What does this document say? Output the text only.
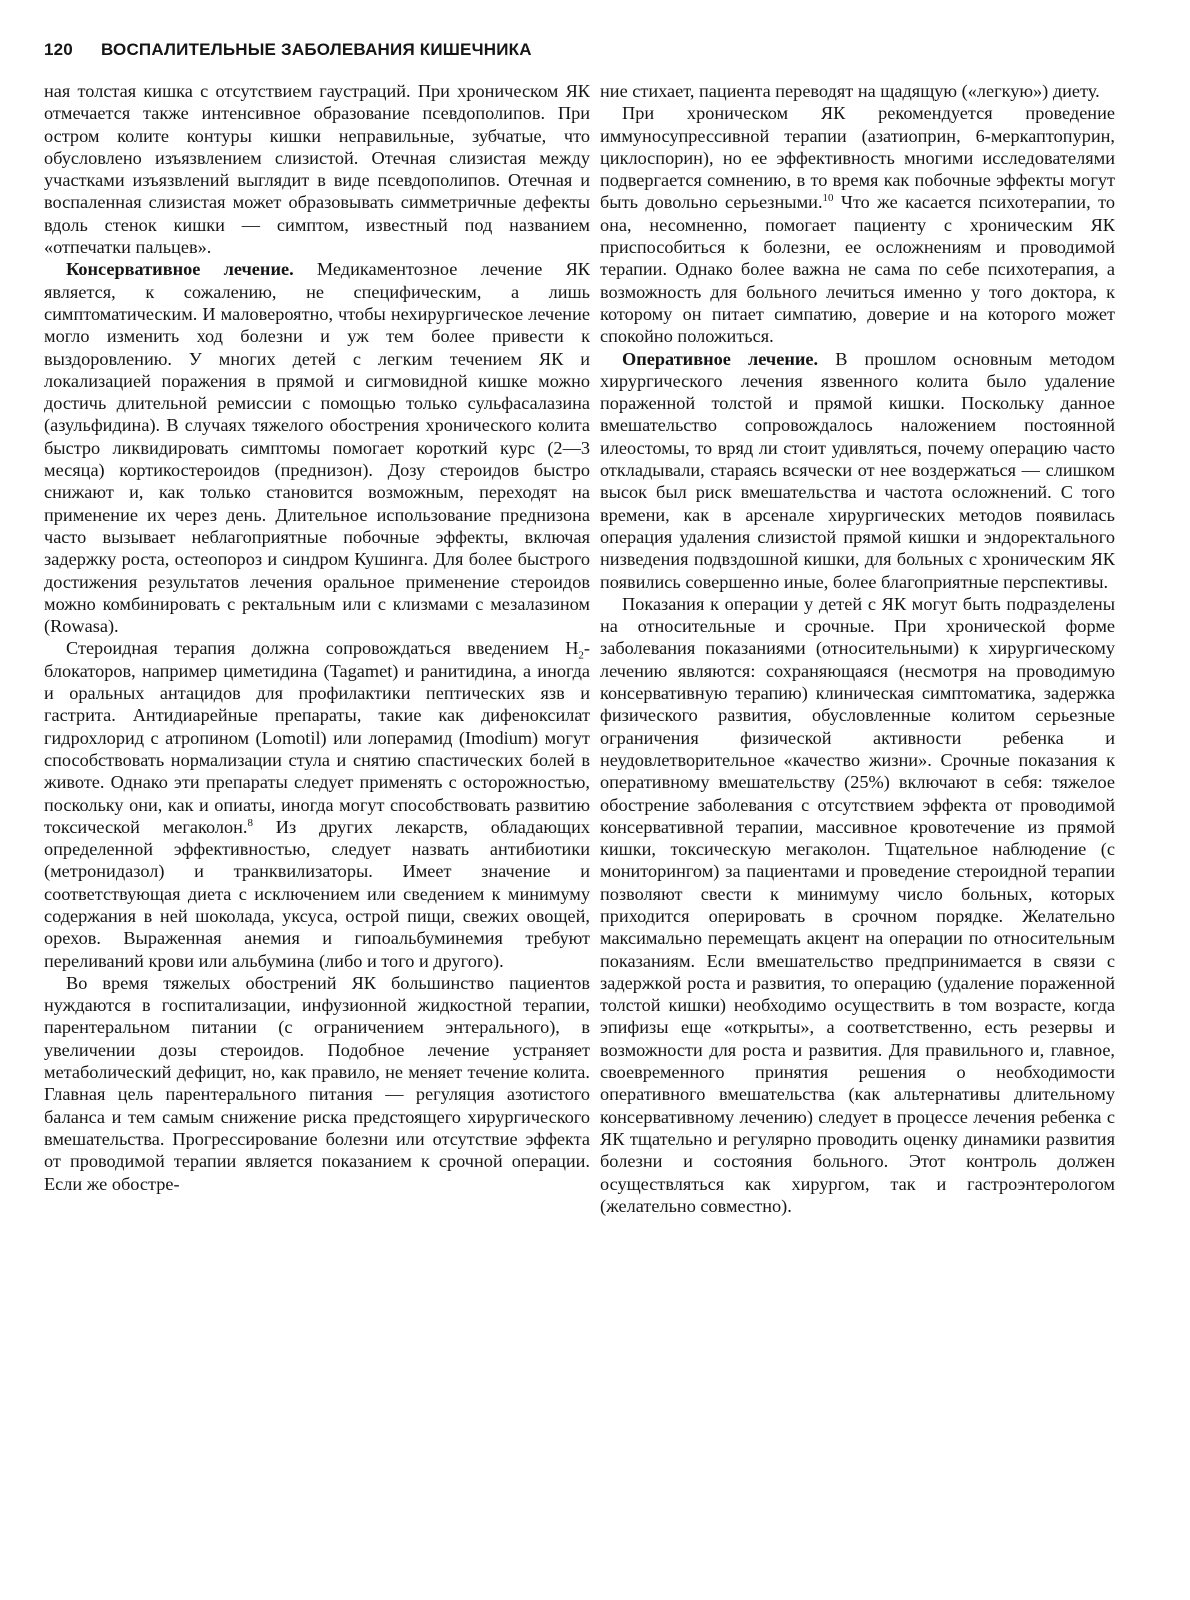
120 ВОСПАЛИТЕЛЬНЫЕ ЗАБОЛЕВАНИЯ КИШЕЧНИКА

ная толстая кишка с отсутствием гаустраций. При хроническом ЯК отмечается также интенсивное образование псевдополипов. При остром колите контуры кишки неправильные, зубчатые, что обусловлено изъязвлением слизистой. Отечная слизистая между участками изъязвлений выглядит в виде псевдополипов. Отечная и воспаленная слизистая может образовывать симметричные дефекты вдоль стенок кишки — симптом, известный под названием «отпечатки пальцев».

Консервативное лечение. Медикаментозное лечение ЯК является, к сожалению, не специфическим, а лишь симптоматическим. И маловероятно, чтобы нехирургическое лечение могло изменить ход болезни и уж тем более привести к выздоровлению. У многих детей с легким течением ЯК и локализацией поражения в прямой и сигмовидной кишке можно достичь длительной ремиссии с помощью только сульфасалазина (азульфидина). В случаях тяжелого обострения хронического колита быстро ликвидировать симптомы помогает короткий курс (2—3 месяца) кортикостероидов (преднизон). Дозу стероидов быстро снижают и, как только становится возможным, переходят на применение их через день. Длительное использование преднизона часто вызывает неблагоприятные побочные эффекты, включая задержку роста, остеопороз и синдром Кушинга. Для более быстрого достижения результатов лечения оральное применение стероидов можно комбинировать с ректальным или с клизмами с мезалазином (Rowasa).

Стероидная терапия должна сопровождаться введением $H_2$-блокаторов, например циметидина (Tagamet) и ранитидина, а иногда и оральных антацидов для профилактики пептических язв и гастрита. Антидиарейные препараты, такие как дифеноксилат гидрохлорид с атропином (Lomotil) или лоперамид (Imodium) могут способствовать нормализации стула и снятию спастических болей в животе. Однако эти препараты следует применять с осторожностью, поскольку они, как и опиаты, иногда могут способствовать развитию токсической мегаколон.$^8$ Из других лекарств, обладающих определенной эффективностью, следует назвать антибиотики (метронидазол) и транквилизаторы. Имеет значение и соответствующая диета с исключением или сведением к минимуму содержания в ней шоколада, уксуса, острой пищи, свежих овощей, орехов. Выраженная анемия и гипоальбуминемия требуют переливаний крови или альбумина (либо и того и другого).

Во время тяжелых обострений ЯК большинство пациентов нуждаются в госпитализации, инфузионной жидкостной терапии, парентеральном питании (с ограничением энтерального), в увеличении дозы стероидов. Подобное лечение устраняет метаболический дефицит, но, как правило, не меняет течение колита. Главная цель парентерального питания — регуляция азотистого баланса и тем самым снижение риска предстоящего хирургического вмешательства. Прогрессирование болезни или отсутствие эффекта от проводимой терапии является показанием к срочной операции. Если же обостре-

ние стихает, пациента переводят на щадящую («легкую») диету.

При хроническом ЯК рекомендуется проведение иммуносупрессивной терапии (азатиоприн, 6-меркаптопурин, циклоспорин), но ее эффективность многими исследователями подвергается сомнению, в то время как побочные эффекты могут быть довольно серьезными.$^{10}$ Что же касается психотерапии, то она, несомненно, помогает пациенту с хроническим ЯК приспособиться к болезни, ее осложнениям и проводимой терапии. Однако более важна не сама по себе психотерапия, а возможность для больного лечиться именно у того доктора, к которому он питает симпатию, доверие и на которого может спокойно положиться.

Оперативное лечение. В прошлом основным методом хирургического лечения язвенного колита было удаление пораженной толстой и прямой кишки. Поскольку данное вмешательство сопровождалось наложением постоянной илеостомы, то вряд ли стоит удивляться, почему операцию часто откладывали, стараясь всячески от нее воздержаться — слишком высок был риск вмешательства и частота осложнений. С того времени, как в арсенале хирургических методов появилась операция удаления слизистой прямой кишки и эндоректального низведения подвздошной кишки, для больных с хроническим ЯК появились совершенно иные, более благоприятные перспективы.

Показания к операции у детей с ЯК могут быть подразделены на относительные и срочные. При хронической форме заболевания показаниями (относительными) к хирургическому лечению являются: сохраняющаяся (несмотря на проводимую консервативную терапию) клиническая симптоматика, задержка физического развития, обусловленные колитом серьезные ограничения физической активности ребенка и неудовлетворительное «качество жизни». Срочные показания к оперативному вмешательству (25%) включают в себя: тяжелое обострение заболевания с отсутствием эффекта от проводимой консервативной терапии, массивное кровотечение из прямой кишки, токсическую мегаколон. Тщательное наблюдение (с мониторингом) за пациентами и проведение стероидной терапии позволяют свести к минимуму число больных, которых приходится оперировать в срочном порядке. Желательно максимально перемещать акцент на операции по относительным показаниям. Если вмешательство предпринимается в связи с задержкой роста и развития, то операцию (удаление пораженной толстой кишки) необходимо осуществить в том возрасте, когда эпифизы еще «открыты», а соответственно, есть резервы и возможности для роста и развития. Для правильного и, главное, своевременного принятия решения о необходимости оперативного вмешательства (как альтернативы длительному консервативному лечению) следует в процессе лечения ребенка с ЯК тщательно и регулярно проводить оценку динамики развития болезни и состояния больного. Этот контроль должен осуществляться как хирургом, так и гастроэнтерологом (желательно совместно).
